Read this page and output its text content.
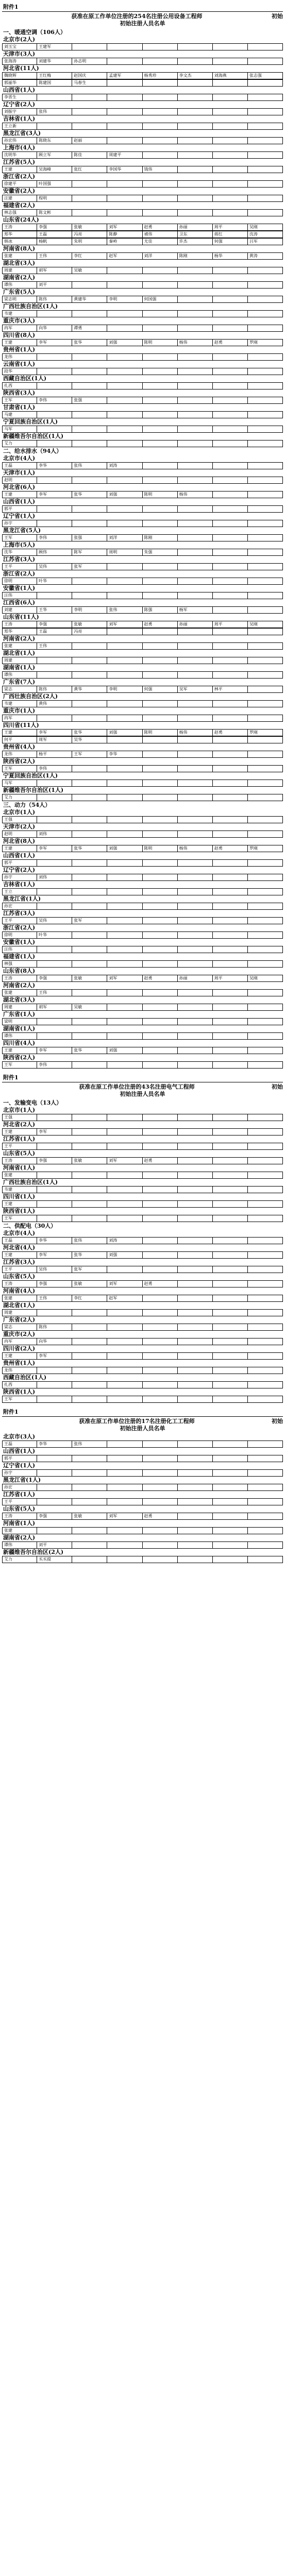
附件1
初始
获准在原工作单位注册的254名注册公用设备工程师
初始注册人员名单
一、暖通空调（106人）
北京市(2人)
刘玉宝	王建军
天津市(3人)
张海涛	刘建华	孙志明
河北省(11人)
魏晓辉	王红梅	赵国庆	孟建军	杨秀珍	李文杰	刘海燕	张志强
郭丽华	陈建国	马春生
山西省(1人)
李晋生
辽宁省(2人)
刘振宇	张伟
吉林省(1人)
王立新
黑龙江省(3人)
孙宏伟	陈晓东	赵丽
上海市(4人)
沈明华	顾立军	陈佳	周建平
江苏省(5人)
王建	吴海峰	张红	李国华	钱伟
浙江省(2人)
徐建平	叶国强
安徽省(2人)
汪建	程明
福建省(2人)
林志强	陈文彬
山东省(24人)
王涛	李强	张敏	刘军	赵勇	孙丽	周平	吴刚
郑华	王磊	冯亮	陈静	褚伟	卫东	蒋红	沈涛
韩冰	杨帆	朱明	秦岭	尤佳	许杰	何强	吕军
河南省(8人)
张建	王伟	李红	赵军	刘洋	陈刚	杨华	黄涛
湖北省(3人)
周建	胡军	吴敏
湖南省(2人)
谭伟	刘平
广东省(5人)
梁志明	陈伟	黄建华	李明	何国强
广西壮族自治区(1人)
韦建
重庆市(3人)
冉军	向华	谭勇
四川省(8人)
王建	李军	张华	刘强	陈明	杨伟	赵勇	罗刚
贵州省(1人)
龙伟
云南省(1人)
段华
西藏自治区(1人)
扎西
陕西省(3人)
王军	李伟	张强
甘肃省(1人)
马建
宁夏回族自治区(1人)
马军
新疆维吾尔自治区(1人)
艾力
二、给水排水（94人）
北京市(4人)
王磊	李华	张伟	刘涛
天津市(1人)
赵明
河北省(6人)
王建	李军	张华	刘强	陈明	杨伟
山西省(1人)
郭平
辽宁省(1人)
孙宇
黑龙江省(5人)
王军	李伟	张强	刘洋	陈刚
上海市(5人)
沈华	顾伟	陈军	周明	朱强
江苏省(3人)
王平	吴伟	张军
浙江省(2人)
徐明	叶华
安徽省(1人)
汪伟
江西省(6人)
刘建	王华	李明	张伟	陈强	杨军
山东省(11人)
王涛	李强	张敏	刘军	赵勇	孙丽	周平	吴刚
郑华	王磊	冯亮
河南省(2人)
张建	王伟
湖北省(1人)
周建
湖南省(1人)
谭伟
广东省(7人)
梁志	陈伟	黄华	李明	何强	吴军	林平
广西壮族自治区(2人)
韦建	黄伟
重庆市(1人)
冉军
四川省(11人)
王建	李军	张华	刘强	陈明	杨伟	赵勇	罗刚
何平	周军	吴华
贵州省(4人)
龙伟	杨平	王军	李华
陕西省(2人)
王军	李伟
宁夏回族自治区(1人)
马军
新疆维吾尔自治区(1人)
艾力
三、动力（54人）
北京市(1人)
王强
天津市(2人)
赵明	刘伟
河北省(8人)
王建	李军	张华	刘强	陈明	杨伟	赵勇	罗刚
山西省(1人)
郭平
辽宁省(2人)
孙宇	刘伟
吉林省(1人)
王立
黑龙江省(1人)
孙宏
江苏省(3人)
王平	吴伟	张军
浙江省(2人)
徐明	叶华
安徽省(1人)
汪伟
福建省(1人)
林强
山东省(8人)
王涛	李强	张敏	刘军	赵勇	孙丽	周平	吴刚
河南省(2人)
张建	王伟
湖北省(3人)
周建	胡军	吴敏
广东省(1人)
梁明
湖南省(1人)
谭伟
四川省(4人)
王建	李军	张华	刘强
陕西省(2人)
王军	李伟
附件1
初始
获准在原工作单位注册的43名注册电气工程师
初始注册人员名单
一、发输变电（13人）
北京市(1人)
王强
河北省(2人)
王建	李军
江苏省(1人)
王平
山东省(5人)
王涛	李强	张敏	刘军	赵勇
河南省(1人)
张建
广西壮族自治区(1人)
韦建
四川省(1人)
王建
陕西省(1人)
王军
二、供配电（30人）
北京市(4人)
王磊	李华	张伟	刘涛
河北省(4人)
王建	李军	张华	刘强
江苏省(3人)
王平	吴伟	张军
山东省(5人)
王涛	李强	张敏	刘军	赵勇
河南省(4人)
张建	王伟	李红	赵军
湖北省(1人)
周建
广东省(2人)
梁志	陈伟
重庆市(2人)
冉军	向华
四川省(2人)
王建	李军
贵州省(1人)
龙伟
西藏自治区(1人)
扎西
陕西省(1人)
王军
附件1
初始
获准在原工作单位注册的17名注册化工工程师
初始注册人员名单
北京市(3人)
王磊	李华	张伟
山西省(1人)
郭平
辽宁省(1人)
孙宇
黑龙江省(1人)
孙宏
江苏省(1人)
王平
山东省(5人)
王涛	李强	张敏	刘军	赵勇
河南省(1人)
张建
湖南省(2人)
谭伟	刘平
新疆维吾尔自治区(2人)
艾力	买买提
